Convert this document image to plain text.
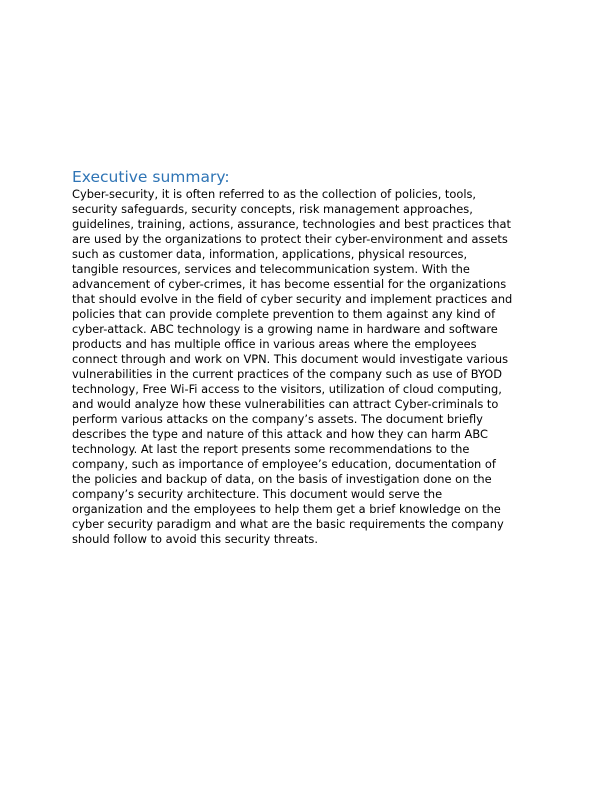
Executive summary:
Cyber-security, it is often referred to as the collection of policies, tools,
security safeguards, security concepts, risk management approaches,
guidelines, training, actions, assurance, technologies and best practices that
are used by the organizations to protect their cyber-environment and assets
such as customer data, information, applications, physical resources,
tangible resources, services and telecommunication system. With the
advancement of cyber-crimes, it has become essential for the organizations
that should evolve in the field of cyber security and implement practices and
policies that can provide complete prevention to them against any kind of
cyber-attack. ABC technology is a growing name in hardware and software
products and has multiple office in various areas where the employees
connect through and work on VPN. This document would investigate various
vulnerabilities in the current practices of the company such as use of BYOD
technology, Free Wi-Fi access to the visitors, utilization of cloud computing,
and would analyze how these vulnerabilities can attract Cyber-criminals to
perform various attacks on the company’s assets. The document briefly
describes the type and nature of this attack and how they can harm ABC
technology. At last the report presents some recommendations to the
company, such as importance of employee’s education, documentation of
the policies and backup of data, on the basis of investigation done on the
company’s security architecture. This document would serve the
organization and the employees to help them get a brief knowledge on the
cyber security paradigm and what are the basic requirements the company
should follow to avoid this security threats.
